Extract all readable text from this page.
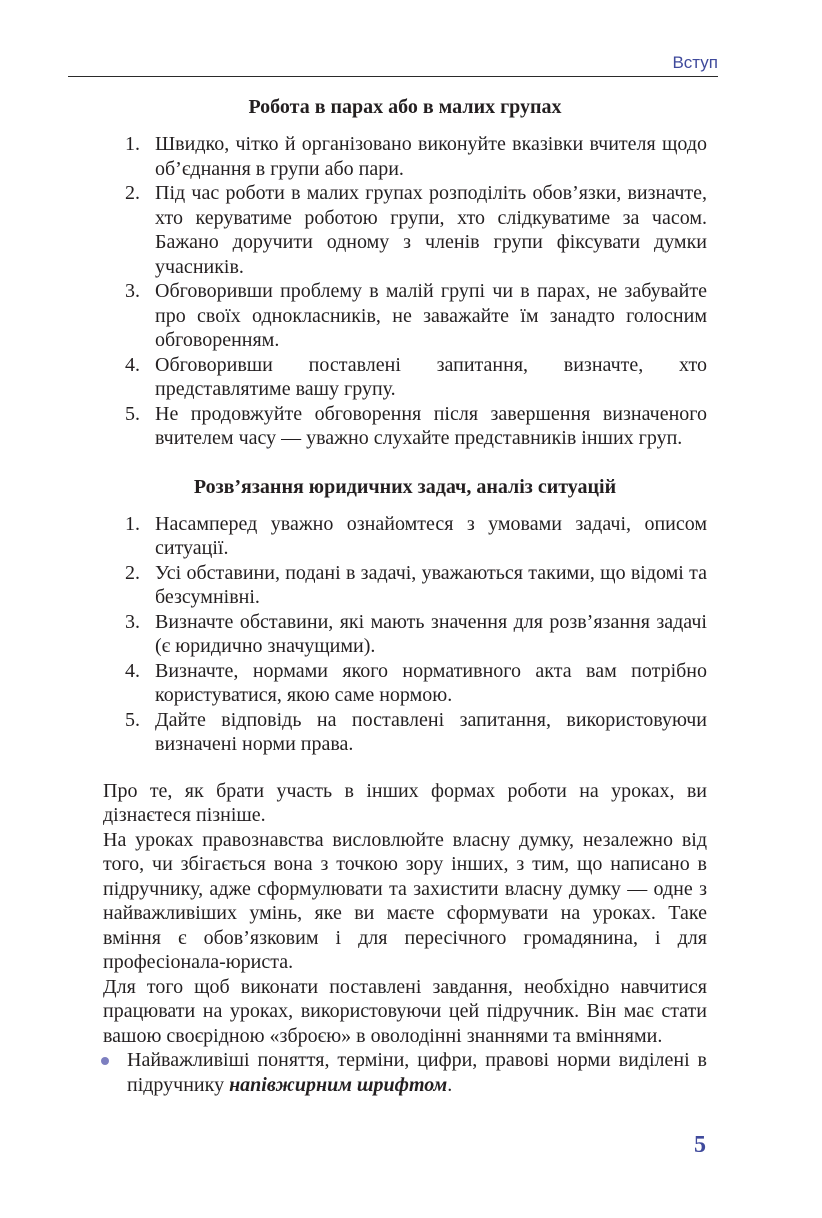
Вступ
Робота в парах або в малих групах
1. Швидко, чітко й організовано виконуйте вказівки вчителя щодо об’єднання в групи або пари.
2. Під час роботи в малих групах розподіліть обов’язки, визначте, хто керуватиме роботою групи, хто слідкуватиме за часом. Бажано доручити одному з членів групи фіксувати думки учасників.
3. Обговоривши проблему в малій групі чи в парах, не забувайте про своїх однокласників, не заважайте їм занадто голосним обговоренням.
4. Обговоривши поставлені запитання, визначте, хто представлятиме вашу групу.
5. Не продовжуйте обговорення після завершення визначеного вчителем часу — уважно слухайте представників інших груп.
Розв’язання юридичних задач, аналіз ситуацій
1. Насамперед уважно ознайомтеся з умовами задачі, описом ситуації.
2. Усі обставини, подані в задачі, уважаються такими, що відомі та безсумнівні.
3. Визначте обставини, які мають значення для розв’язання задачі (є юридично значущими).
4. Визначте, нормами якого нормативного акта вам потрібно користуватися, якою саме нормою.
5. Дайте відповідь на поставлені запитання, використовуючи визначені норми права.

Про те, як брати участь в інших формах роботи на уроках, ви дізнаєтеся пізніше.

На уроках правознавства висловлюйте власну думку, незалежно від того, чи збігається вона з точкою зору інших, з тим, що написано в підручнику, адже сформулювати та захистити власну думку — одне з найважливіших умінь, яке ви маєте сформувати на уроках. Таке вміння є обов’язковим і для пересічного громадянина, і для професіонала-юриста.

Для того щоб виконати поставлені завдання, необхідно навчитися працювати на уроках, використовуючи цей підручник. Він має стати вашою своєрідною «зброєю» в оволодінні знаннями та вміннями.

Найважливіші поняття, терміни, цифри, правові норми виділені в підручнику напівжирним шрифтом.
5
